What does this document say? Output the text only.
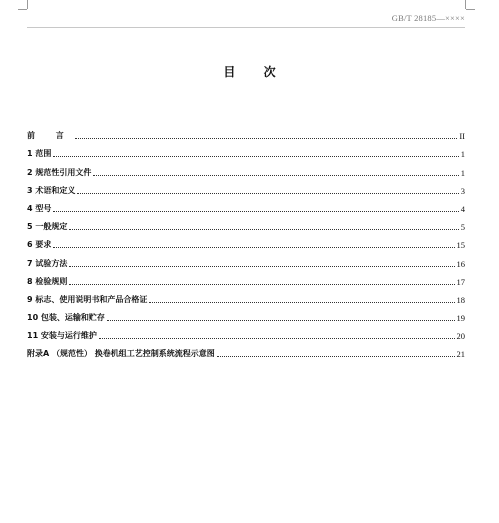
GB/T 28185—××××
目 次
前 言	II
1 范围	1
2 规范性引用文件	1
3 术语和定义	3
4 型号	4
5 一般规定	5
6 要求	15
7 试验方法	16
8 检验规则	17
9 标志、使用说明书和产品合格证	18
10 包装、运输和贮存	19
11 安装与运行维护	20
附录A （规范性） 换卷机组工艺控制系统流程示意图	21
